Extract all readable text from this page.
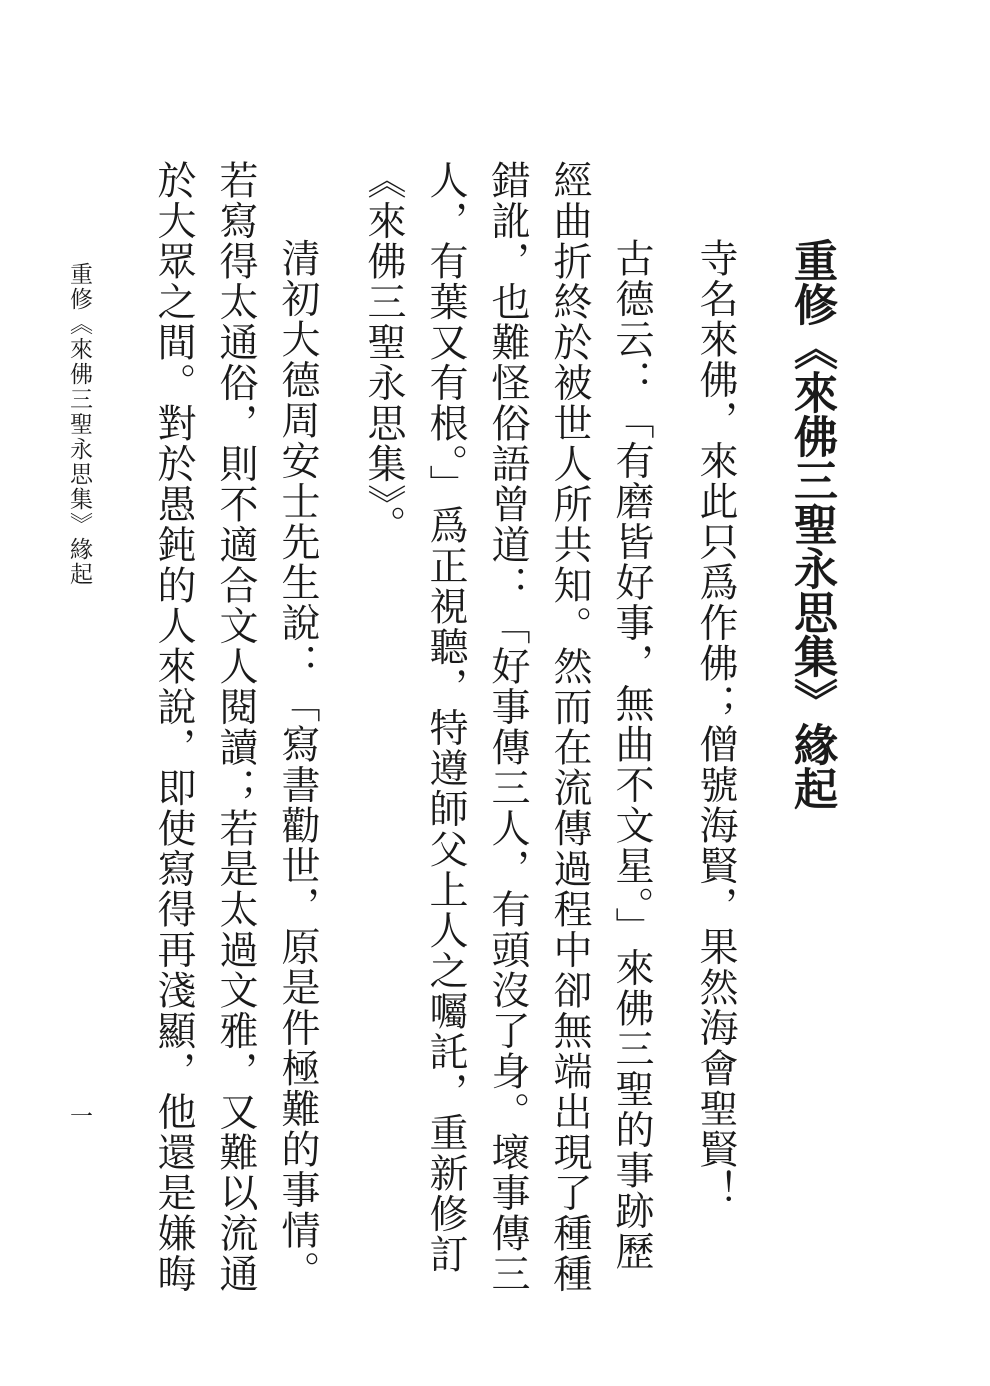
重修《來佛三聖永思集》緣起
寺名來佛，來此只爲作佛；僧號海賢，果然海會聖賢！
古德云：「有磨皆好事，無曲不文星。」來佛三聖的事跡歷
經曲折終於被世人所共知。然而在流傳過程中卻無端出現了種種
錯訛，也難怪俗語曾道：「好事傳三人，有頭沒了身。壞事傳三
人，有葉又有根。」爲正視聽，特遵師父上人之囑託，重新修訂
《來佛三聖永思集》。
清初大德周安士先生說：「寫書勸世，原是件極難的事情。
若寫得太通俗，則不適合文人閱讀；若是太過文雅，又難以流通
於大眾之間。對於愚鈍的人來說，即使寫得再淺顯，他還是嫌晦
重修《來佛三聖永思集》緣起
一
